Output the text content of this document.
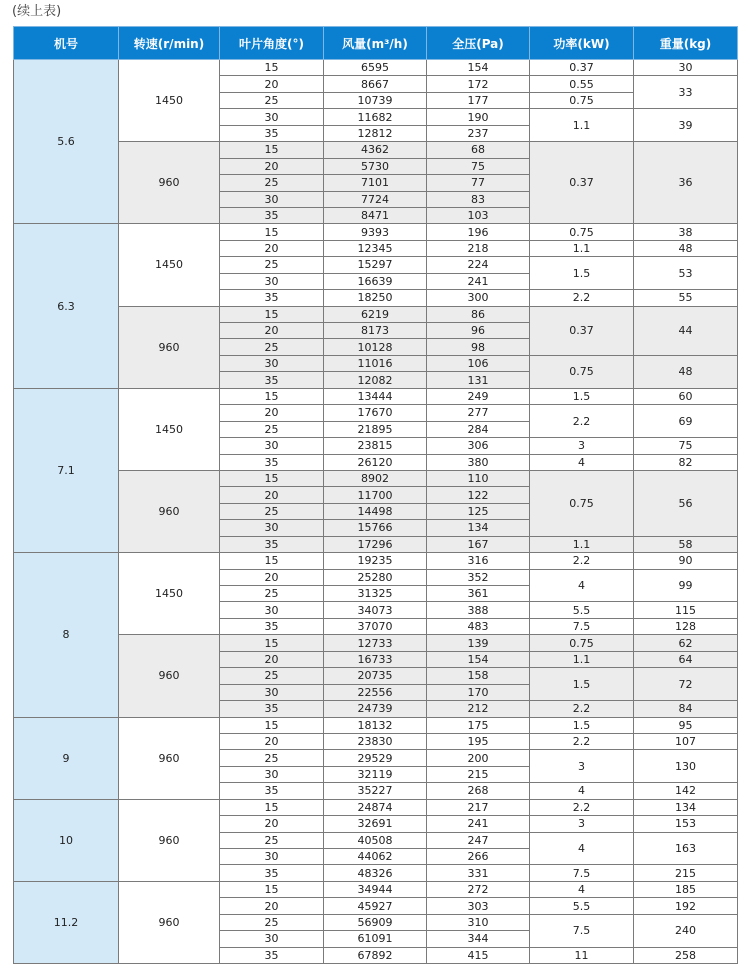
(续上表)
机号	转速(r/min)	叶片角度(°)	风量(m³/h)	全压(Pa)	功率(kW)	重量(kg)
5.6	1450	15	6595	154	0.37	30
		20	8667	172	0.55	33
		25	10739	177	0.75	
		30	11682	190	1.1	39
		35	12812	237		
	960	15	4362	68	0.37	36
		20	5730	75		
		25	7101	77		
		30	7724	83		
		35	8471	103		
6.3	1450	15	9393	196	0.75	38
		20	12345	218	1.1	48
		25	15297	224	1.5	53
		30	16639	241		
		35	18250	300	2.2	55
	960	15	6219	86	0.37	44
		20	8173	96		
		25	10128	98		
		30	11016	106	0.75	48
		35	12082	131		
7.1	1450	15	13444	249	1.5	60
		20	17670	277	2.2	69
		25	21895	284		
		30	23815	306	3	75
		35	26120	380	4	82
	960	15	8902	110	0.75	56
		20	11700	122		
		25	14498	125		
		30	15766	134		
		35	17296	167	1.1	58
8	1450	15	19235	316	2.2	90
		20	25280	352	4	99
		25	31325	361		
		30	34073	388	5.5	115
		35	37070	483	7.5	128
	960	15	12733	139	0.75	62
		20	16733	154	1.1	64
		25	20735	158	1.5	72
		30	22556	170		
		35	24739	212	2.2	84
9	960	15	18132	175	1.5	95
		20	23830	195	2.2	107
		25	29529	200	3	130
		30	32119	215		
		35	35227	268	4	142
10	960	15	24874	217	2.2	134
		20	32691	241	3	153
		25	40508	247	4	163
		30	44062	266		
		35	48326	331	7.5	215
11.2	960	15	34944	272	4	185
		20	45927	303	5.5	192
		25	56909	310	7.5	240
		30	61091	344		
		35	67892	415	11	258
